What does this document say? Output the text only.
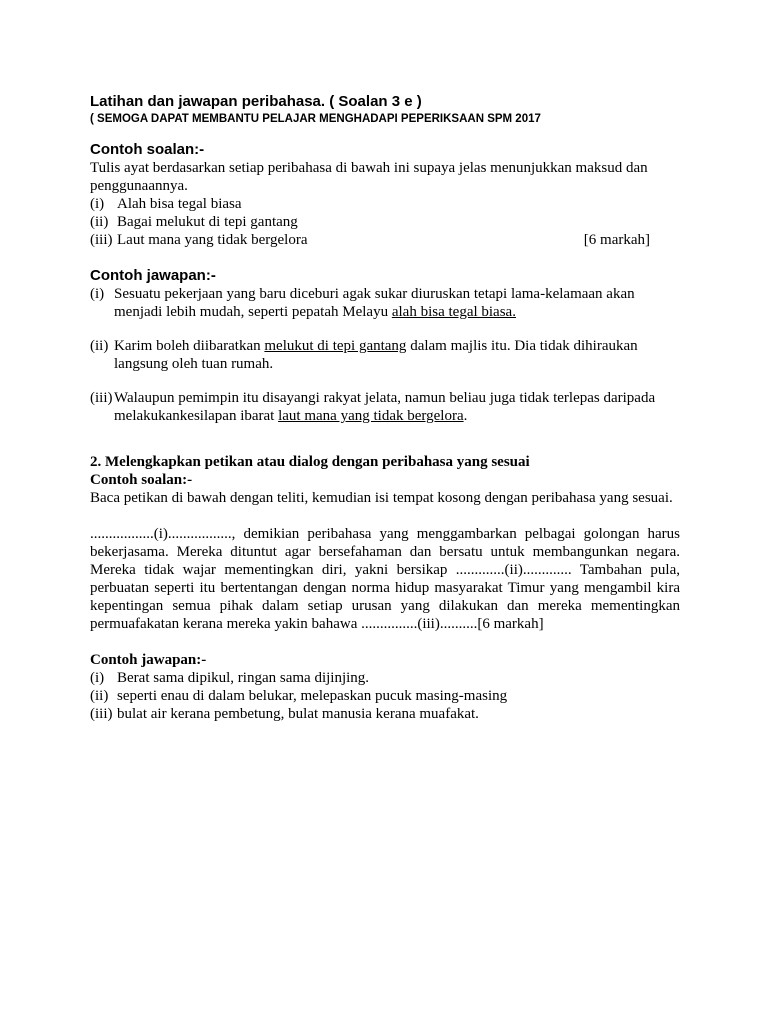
Latihan dan jawapan peribahasa. ( Soalan 3 e )
( SEMOGA DAPAT MEMBANTU PELAJAR MENGHADAPI PEPERIKSAAN SPM 2017
Contoh soalan:-
Tulis ayat berdasarkan setiap peribahasa di bawah ini supaya jelas menunjukkan maksud dan
penggunaannya.
(i) Alah bisa tegal biasa
(ii) Bagai melukut di tepi gantang
(iii) Laut mana yang tidak bergelora	[6 markah]
Contoh jawapan:-
(i) Sesuatu pekerjaan yang baru diceburi agak sukar diuruskan tetapi lama-kelamaan akan
menjadi lebih mudah, seperti pepatah Melayu alah bisa tegal biasa.
(ii) Karim boleh diibaratkan melukut di tepi gantang dalam majlis itu. Dia tidak dihiraukan
langsung oleh tuan rumah.
(iii) Walaupun pemimpin itu disayangi rakyat jelata, namun beliau juga tidak terlepas daripada
melakukankesilapan ibarat laut mana yang tidak bergelora.
2. Melengkapkan petikan atau dialog dengan peribahasa yang sesuai
Contoh soalan:-
Baca petikan di bawah dengan teliti, kemudian isi tempat kosong dengan peribahasa yang sesuai.
.................(i)................., demikian peribahasa yang menggambarkan pelbagai golongan harus
bekerjasama. Mereka dituntut agar bersefahaman dan bersatu untuk membangunkan negara.
Mereka tidak wajar mementingkan diri, yakni bersikap .............(ii)............. Tambahan pula,
perbuatan seperti itu bertentangan dengan norma hidup masyarakat Timur yang mengambil kira
kepentingan semua pihak dalam setiap urusan yang dilakukan dan mereka mementingkan
permuafakatan kerana mereka yakin bahawa ...............(iii)..........[6 markah]
Contoh jawapan:-
(i) Berat sama dipikul, ringan sama dijinjing.
(ii) seperti enau di dalam belukar, melepaskan pucuk masing-masing
(iii) bulat air kerana pembetung, bulat manusia kerana muafakat.
